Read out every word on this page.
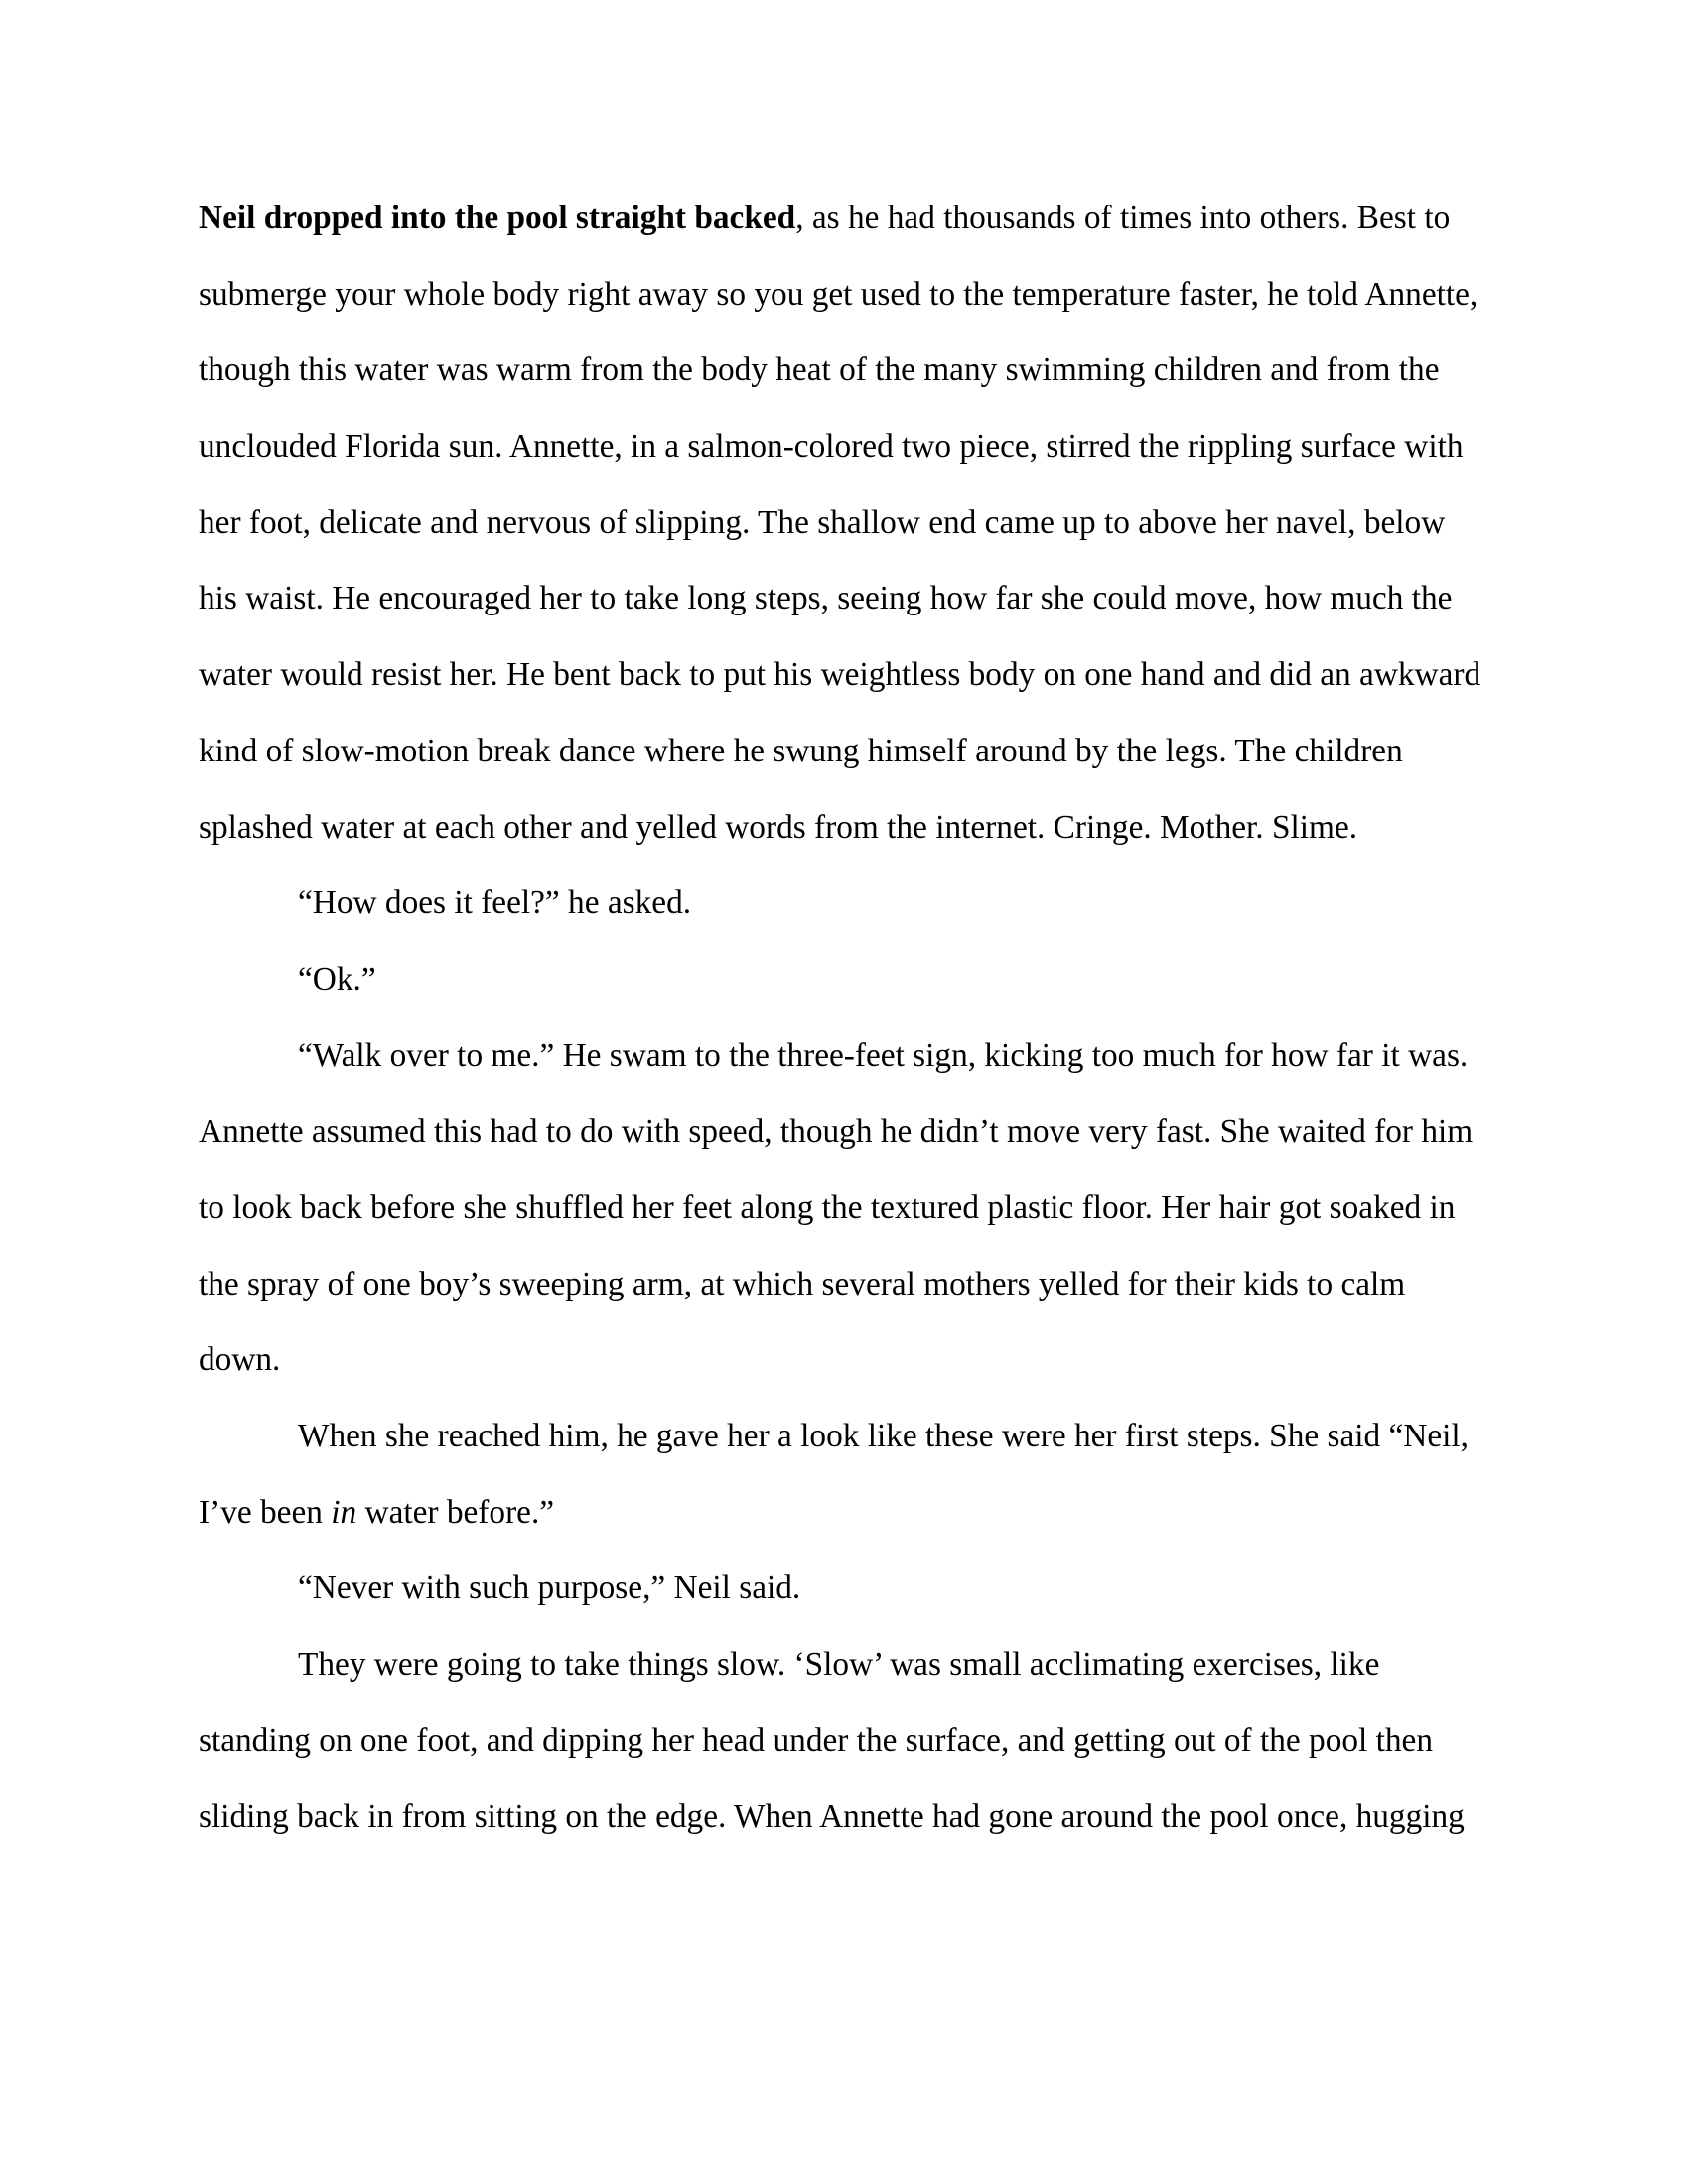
Neil dropped into the pool straight backed, as he had thousands of times into others. Best to
submerge your whole body right away so you get used to the temperature faster, he told Annette,
though this water was warm from the body heat of the many swimming children and from the
unclouded Florida sun. Annette, in a salmon-colored two piece, stirred the rippling surface with
her foot, delicate and nervous of slipping. The shallow end came up to above her navel, below
his waist. He encouraged her to take long steps, seeing how far she could move, how much the
water would resist her. He bent back to put his weightless body on one hand and did an awkward
kind of slow-motion break dance where he swung himself around by the legs. The children
splashed water at each other and yelled words from the internet. Cringe. Mother. Slime.
“How does it feel?” he asked.
“Ok.”
“Walk over to me.” He swam to the three-feet sign, kicking too much for how far it was.
Annette assumed this had to do with speed, though he didn’t move very fast. She waited for him
to look back before she shuffled her feet along the textured plastic floor. Her hair got soaked in
the spray of one boy’s sweeping arm, at which several mothers yelled for their kids to calm
down.
When she reached him, he gave her a look like these were her first steps. She said “Neil,
I’ve been in water before.”
“Never with such purpose,” Neil said.
They were going to take things slow. ‘Slow’ was small acclimating exercises, like
standing on one foot, and dipping her head under the surface, and getting out of the pool then
sliding back in from sitting on the edge. When Annette had gone around the pool once, hugging
